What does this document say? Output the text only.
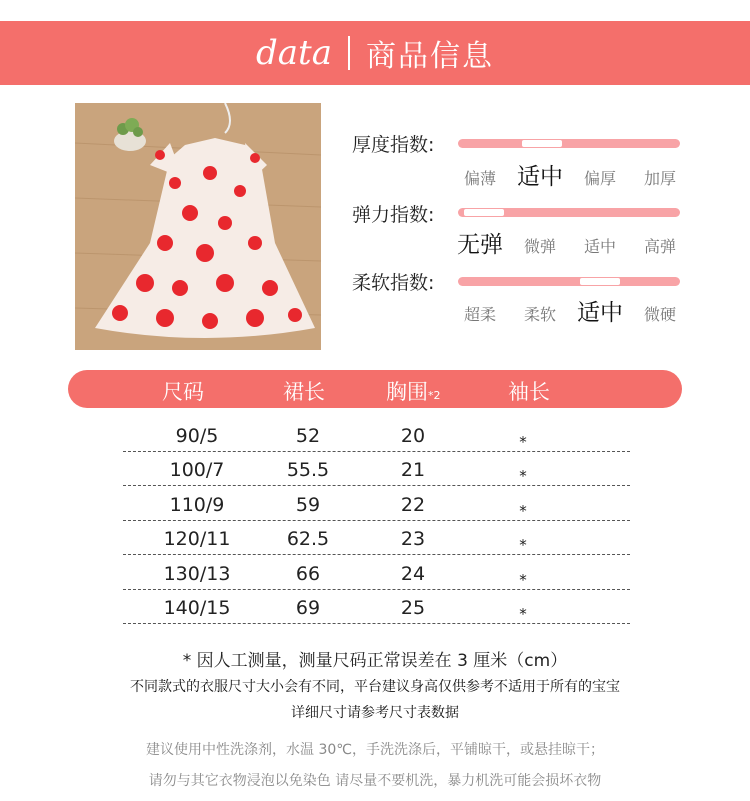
data 商品信息
厚度指数:
偏薄 适中	偏厚	加厚
弹力指数:
无弹	微弹	适中	高弹
柔软指数:
超柔	柔软 适中	微硬
尺码	裙长	胸围*2	袖长
90/5	52	20	*
100/7	55.5	21	*
110/9	59	22	*
120/11	62.5	23	*
130/13	66	24	*
140/15	69	25	*
* 因人工测量，测量尺码正常误差在 3 厘米（cm）
不同款式的衣服尺寸大小会有不同，平台建议身高仅供参考不适用于所有的宝宝
详细尺寸请参考尺寸表数据
建议使用中性洗涤剂，水温 30℃，手洗洗涤后，平铺晾干，或悬挂晾干；
请勿与其它衣物浸泡以免染色 请尽量不要机洗，暴力机洗可能会损坏衣物
